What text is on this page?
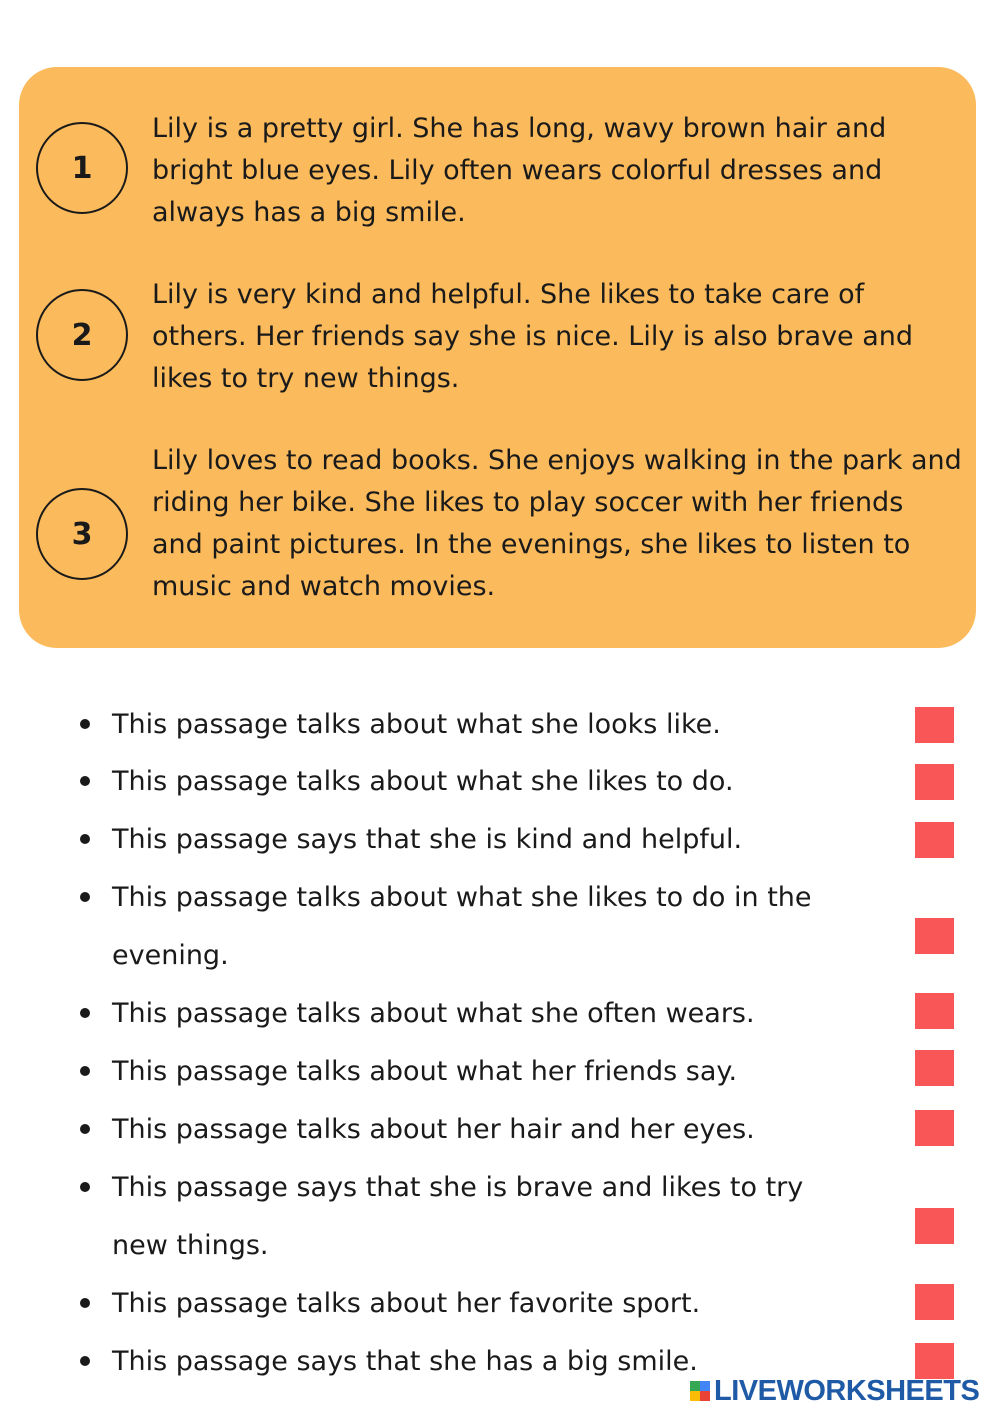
1

Lily is a pretty girl. She has long, wavy brown hair and bright blue eyes. Lily often wears colorful dresses and always has a big smile.

2

Lily is very kind and helpful. She likes to take care of others. Her friends say she is nice. Lily is also brave and likes to try new things.

3

Lily loves to read books. She enjoys walking in the park and riding her bike. She likes to play soccer with her friends and paint pictures. In the evenings, she likes to listen to music and watch movies.

This passage talks about what she looks like.
This passage talks about what she likes to do.
This passage says that she is kind and helpful.
This passage talks about what she likes to do in the evening.
This passage talks about what she often wears.
This passage talks about what her friends say.
This passage talks about her hair and her eyes.
This passage says that she is brave and likes to try new things.
This passage talks about her favorite sport.
This passage says that she has a big smile.
LIVEWORKSHEETS
